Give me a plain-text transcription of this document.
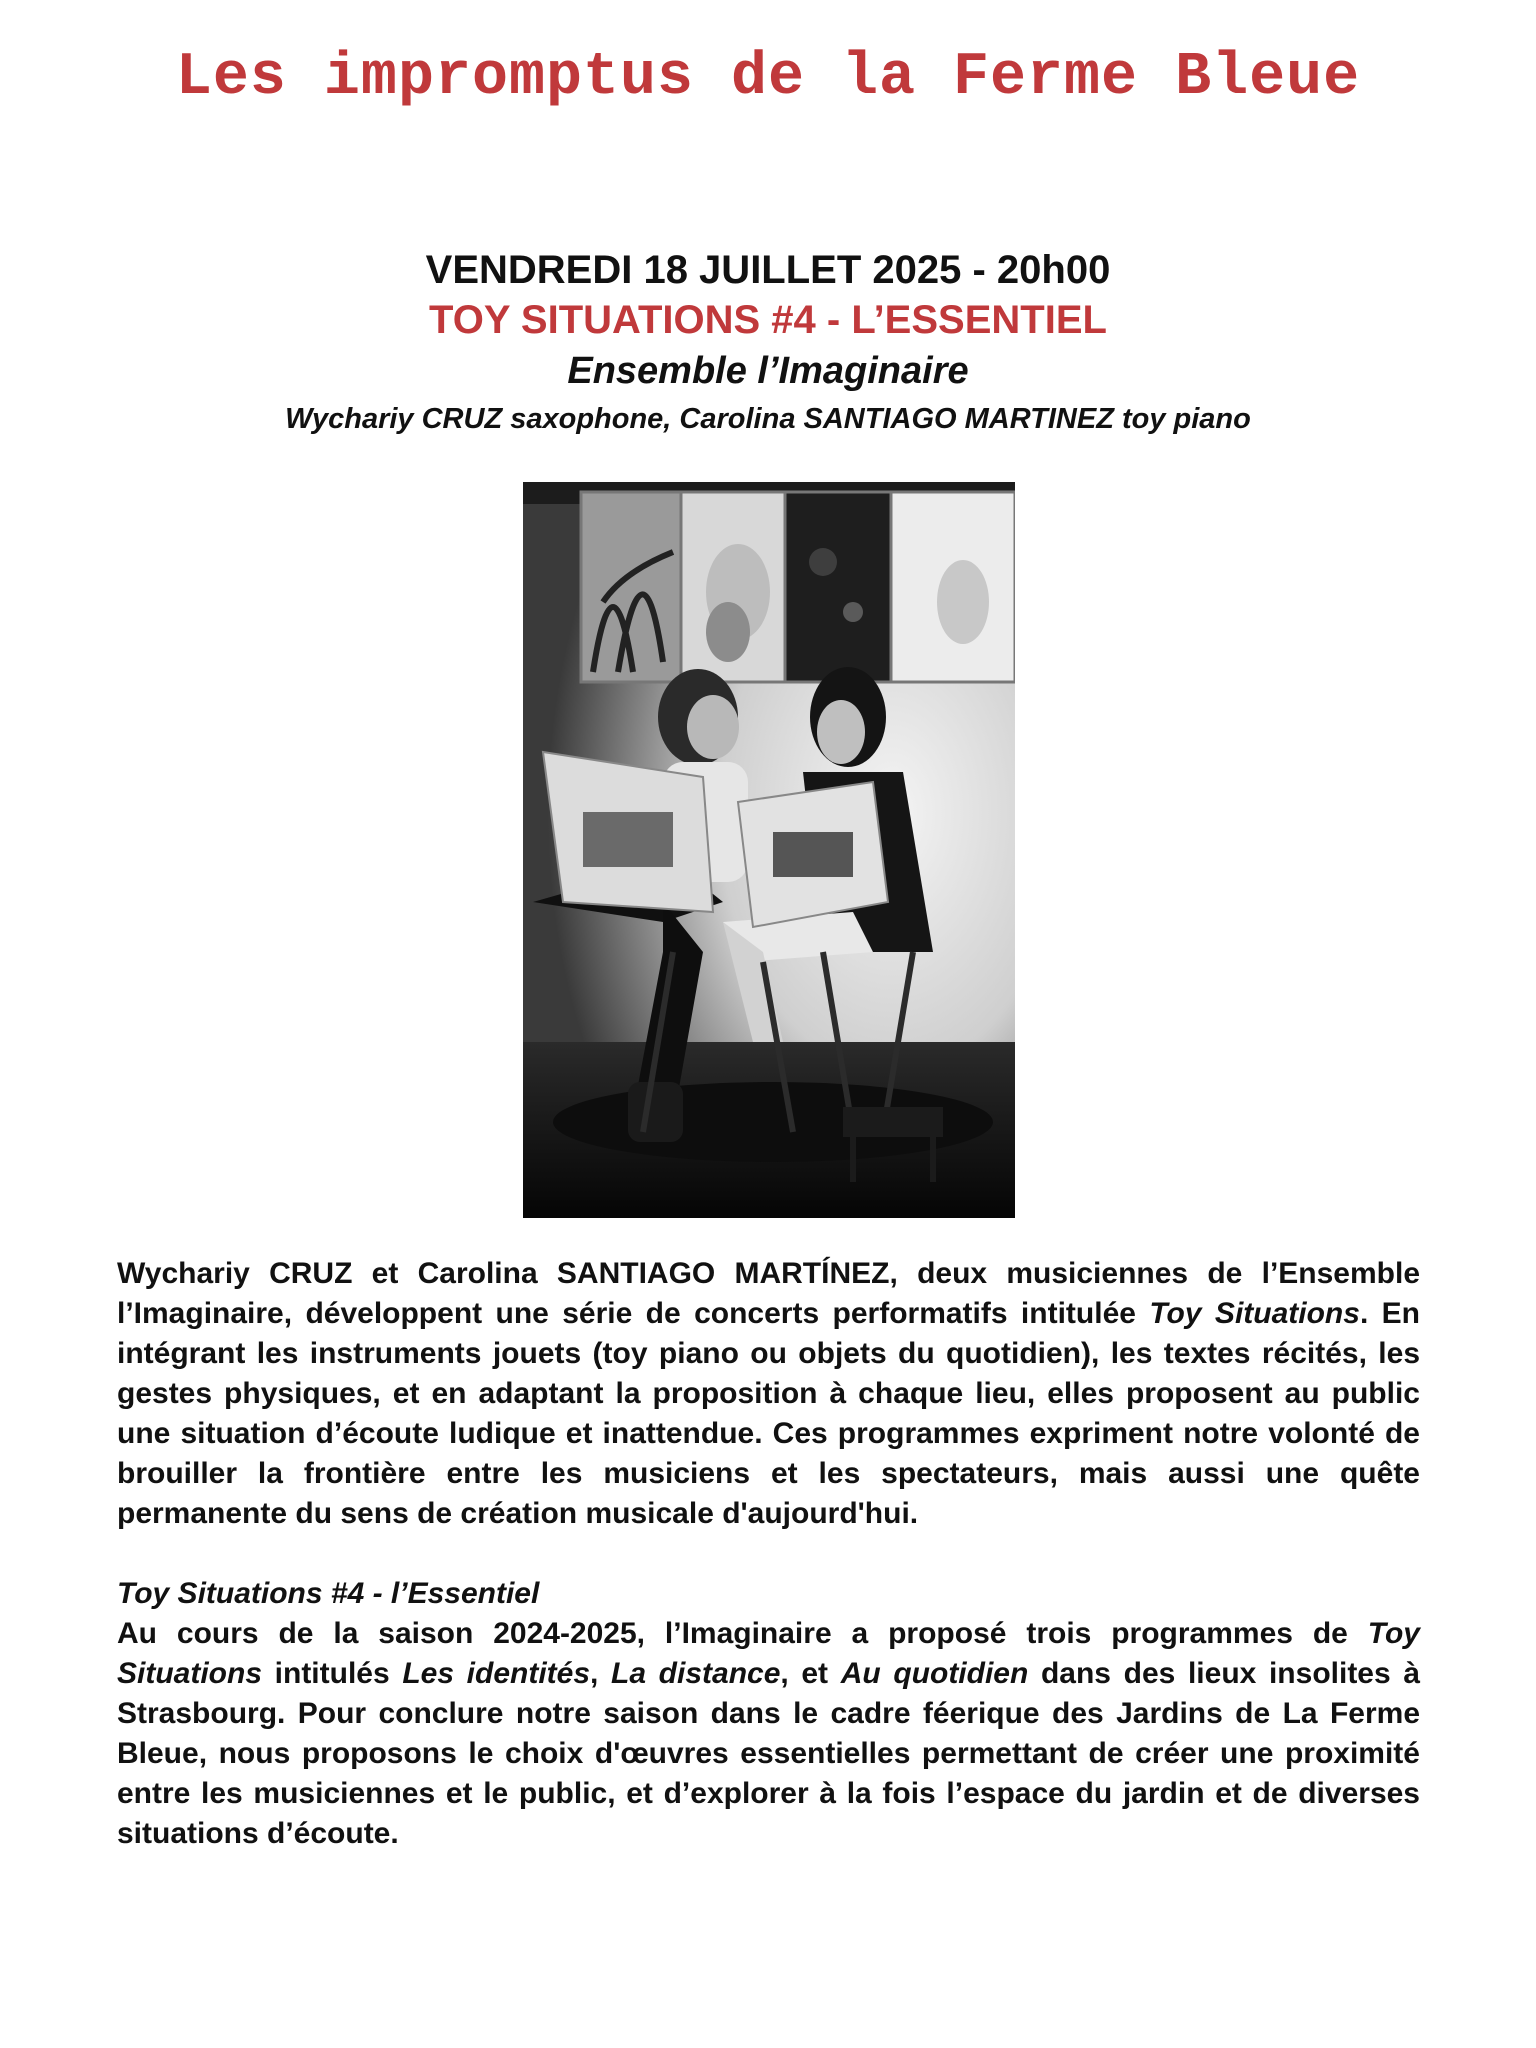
Les impromptus de la Ferme Bleue
VENDREDI 18 JUILLET 2025 - 20h00
TOY SITUATIONS #4 - L’ESSENTIEL
Ensemble l’Imaginaire
Wychariy CRUZ saxophone, Carolina SANTIAGO MARTINEZ toy piano

Wychariy CRUZ et Carolina SANTIAGO MARTÍNEZ, deux musiciennes de l’Ensemble l’Imaginaire, développent une série de concerts performatifs intitulée Toy Situations. En intégrant les instruments jouets (toy piano ou objets du quotidien), les textes récités, les gestes physiques, et en adaptant la proposition à chaque lieu, elles proposent au public une situation d’écoute ludique et inattendue. Ces programmes expriment notre volonté de brouiller la frontière entre les musiciens et les spectateurs, mais aussi une quête permanente du sens de création musicale d'aujourd'hui.

Toy Situations #4 - l’Essentiel

Au cours de la saison 2024-2025, l’Imaginaire a proposé trois programmes de Toy Situations intitulés Les identités, La distance, et Au quotidien dans des lieux insolites à Strasbourg. Pour conclure notre saison dans le cadre féerique des Jardins de La Ferme Bleue, nous proposons le choix d'œuvres essentielles permettant de créer une proximité entre les musiciennes et le public, et d’explorer à la fois l’espace du jardin et de diverses situations d’écoute.
